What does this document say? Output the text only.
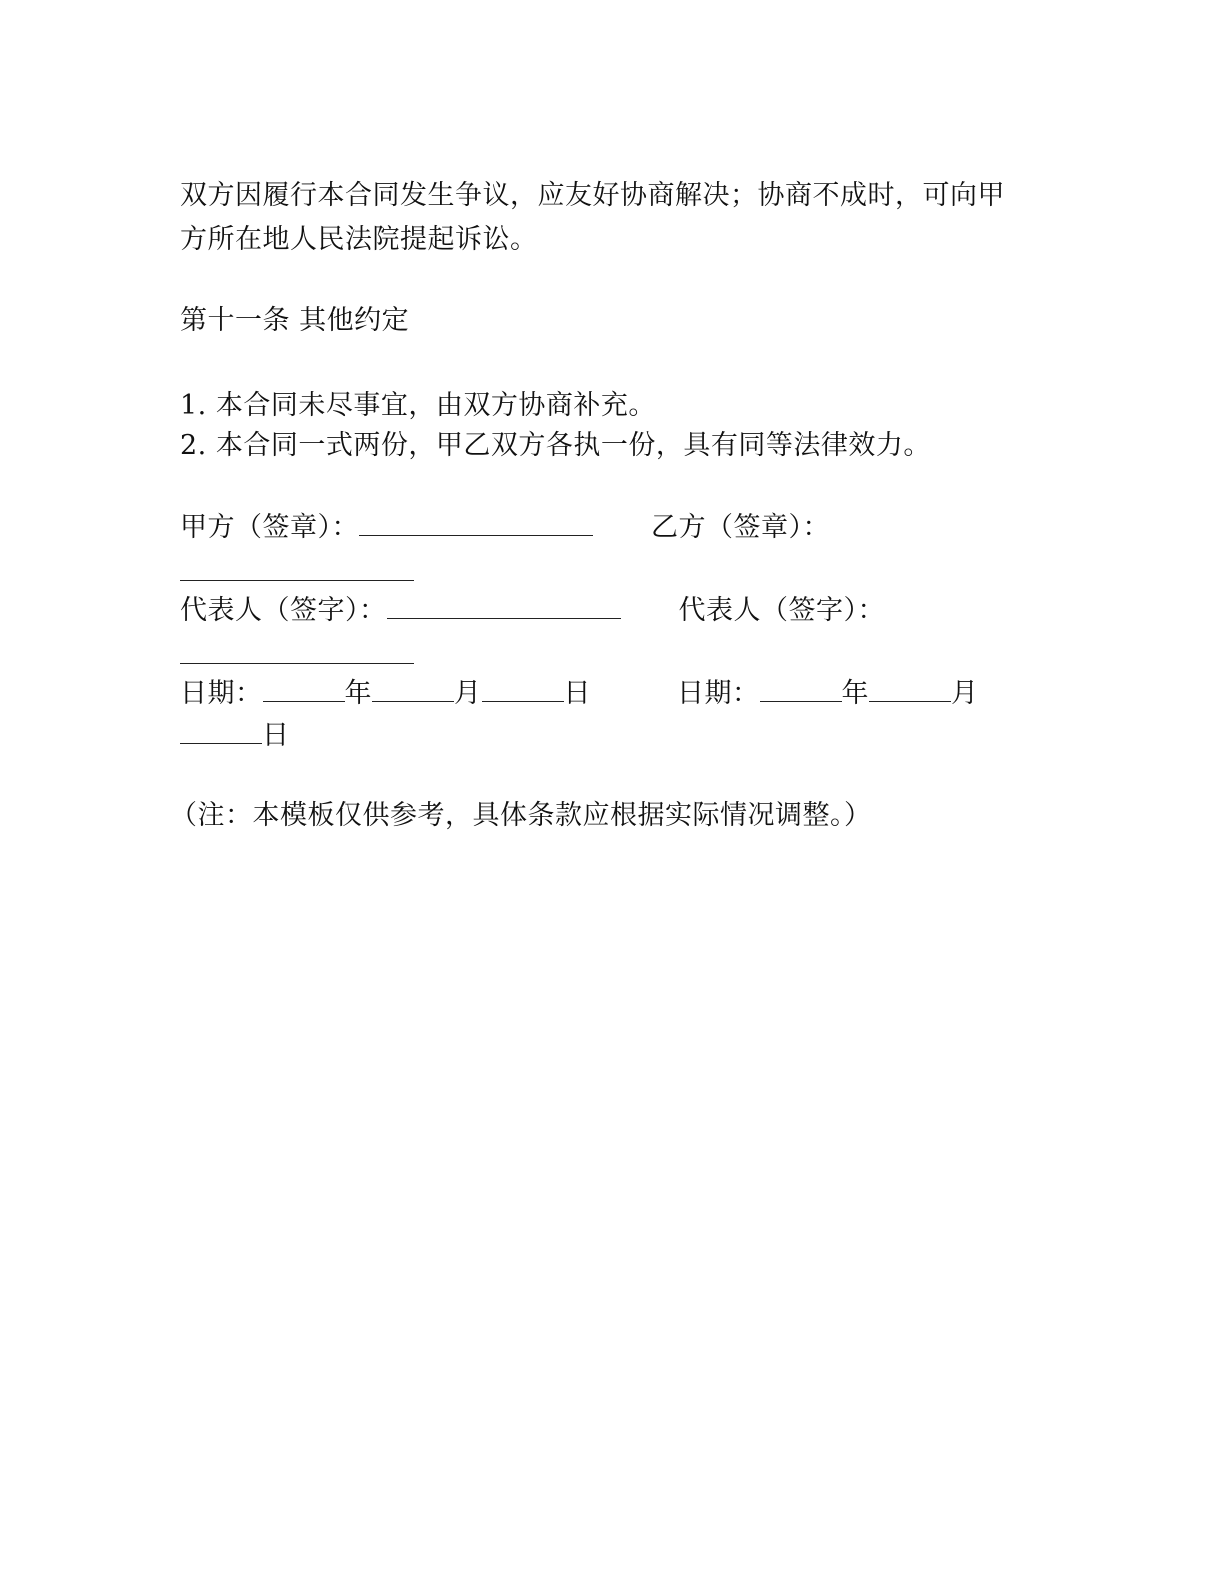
双方因履行本合同发生争议，应友好协商解决；协商不成时，可向甲
方所在地人民法院提起诉讼。
第十一条 其他约定
1. 本合同未尽事宜，由双方协商补充。
2. 本合同一式两份，甲乙双方各执一份，具有同等法律效力。
甲方（签章）：	乙方（签章）：
代表人（签字）：	代表人（签字）：
日期：	年	月	日	日期：	年	月
日
（注：本模板仅供参考，具体条款应根据实际情况调整。）
